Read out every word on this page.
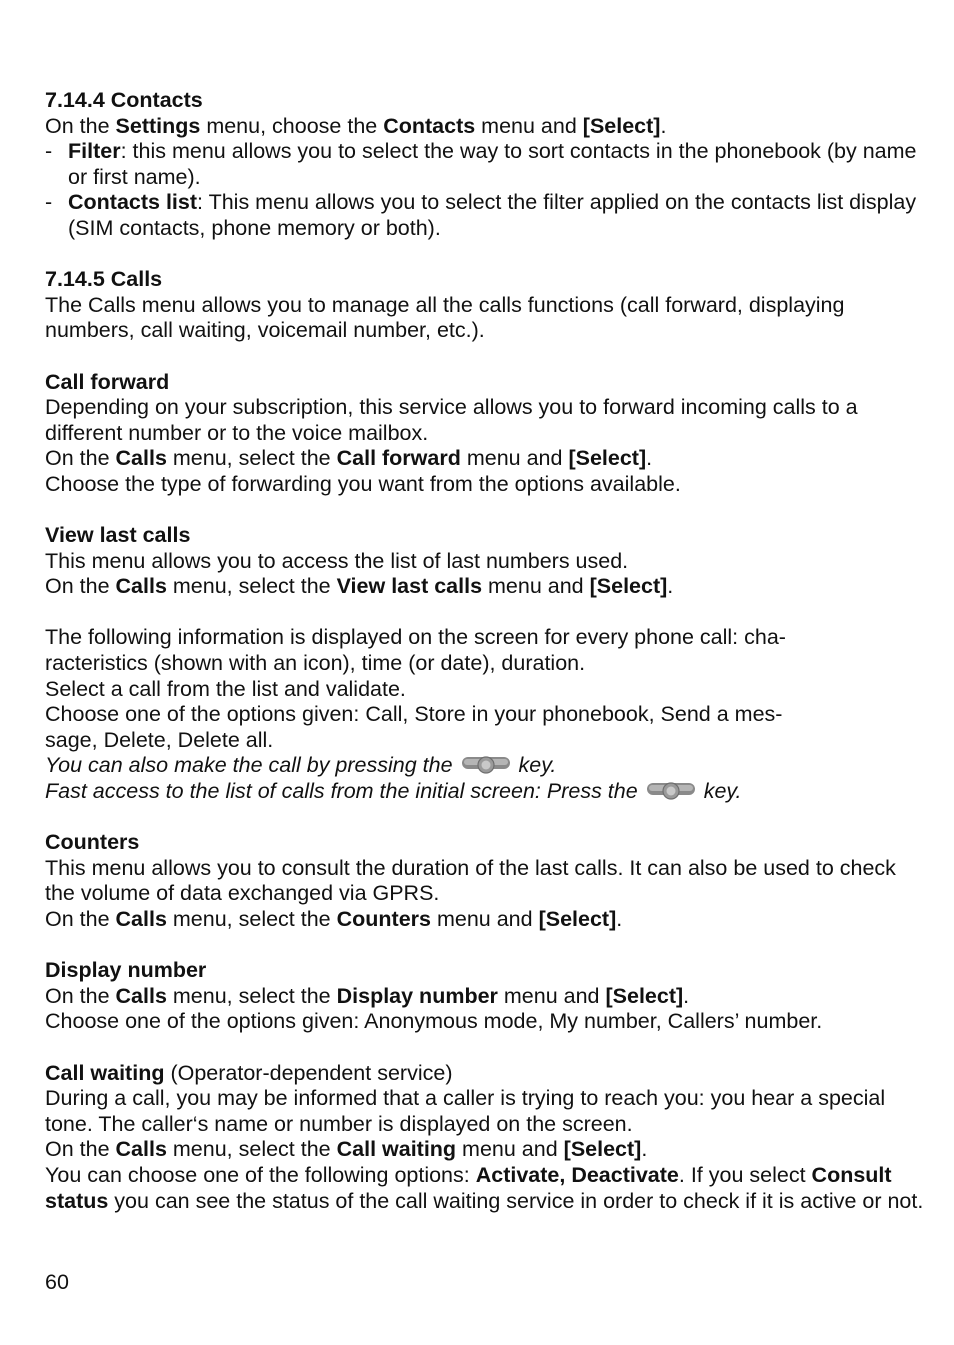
7.14.4 Contacts

On the Settings menu, choose the Contacts menu and [Select].

- Filter: this menu allows you to select the way to sort contacts in the phonebook (by name or first name).
- Contacts list: This menu allows you to select the filter applied on the contacts list display (SIM contacts, phone memory or both).

7.14.5 Calls

The Calls menu allows you to manage all the calls functions (call forward, displaying numbers, call waiting, voicemail number, etc.).

Call forward

Depending on your subscription, this service allows you to forward incoming calls to a different number or to the voice mailbox.

On the Calls menu, select the Call forward menu and [Select].

Choose the type of forwarding you want from the options available.

View last calls

This menu allows you to access the list of last numbers used.

On the Calls menu, select the View last calls menu and [Select].

The following information is displayed on the screen for every phone call: cha-

racteristics (shown with an icon), time (or date), duration.

Select a call from the list and validate.

Choose one of the options given: Call, Store in your phonebook, Send a mes-

sage, Delete, Delete all.

You can also make the call by pressing the	key.

Fast access to the list of calls from the initial screen: Press the	key.

Counters

This menu allows you to consult the duration of the last calls. It can also be used to check the volume of data exchanged via GPRS.

On the Calls menu, select the Counters menu and [Select].

Display number

On the Calls menu, select the Display number menu and [Select].

Choose one of the options given: Anonymous mode, My number, Callers’ number.

Call waiting (Operator-dependent service)

During a call, you may be informed that a caller is trying to reach you: you hear a special tone. The caller‘s name or number is displayed on the screen.

On the Calls menu, select the Call waiting menu and [Select].

You can choose one of the following options: Activate, Deactivate. If you select Consult status you can see the status of the call waiting service in order to check if it is active or not.

60
